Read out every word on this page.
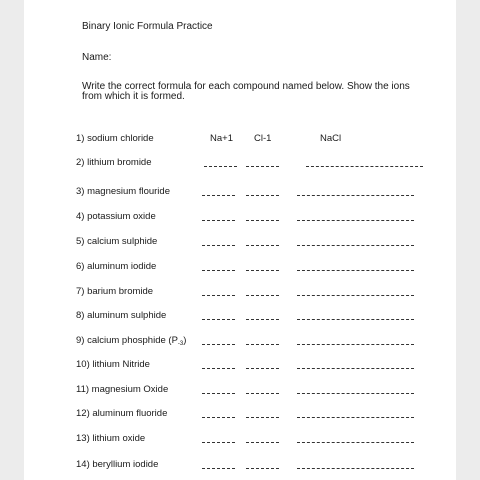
Binary Ionic Formula Practice
Name:
Write the correct formula for each compound named below. Show the ions from which it is formed.
1) sodium chloride	Na+1 Cl-1	NaCl
2) lithium bromide
3) magnesium flouride
4) potassium oxide
5) calcium sulphide
6) aluminum iodide
7) barium bromide
8) aluminum sulphide
9) calcium phosphide $(P_{-3})$
10) lithium Nitride
11) magnesium Oxide
12) aluminum fluoride
13) lithium oxide
14) beryllium iodide
